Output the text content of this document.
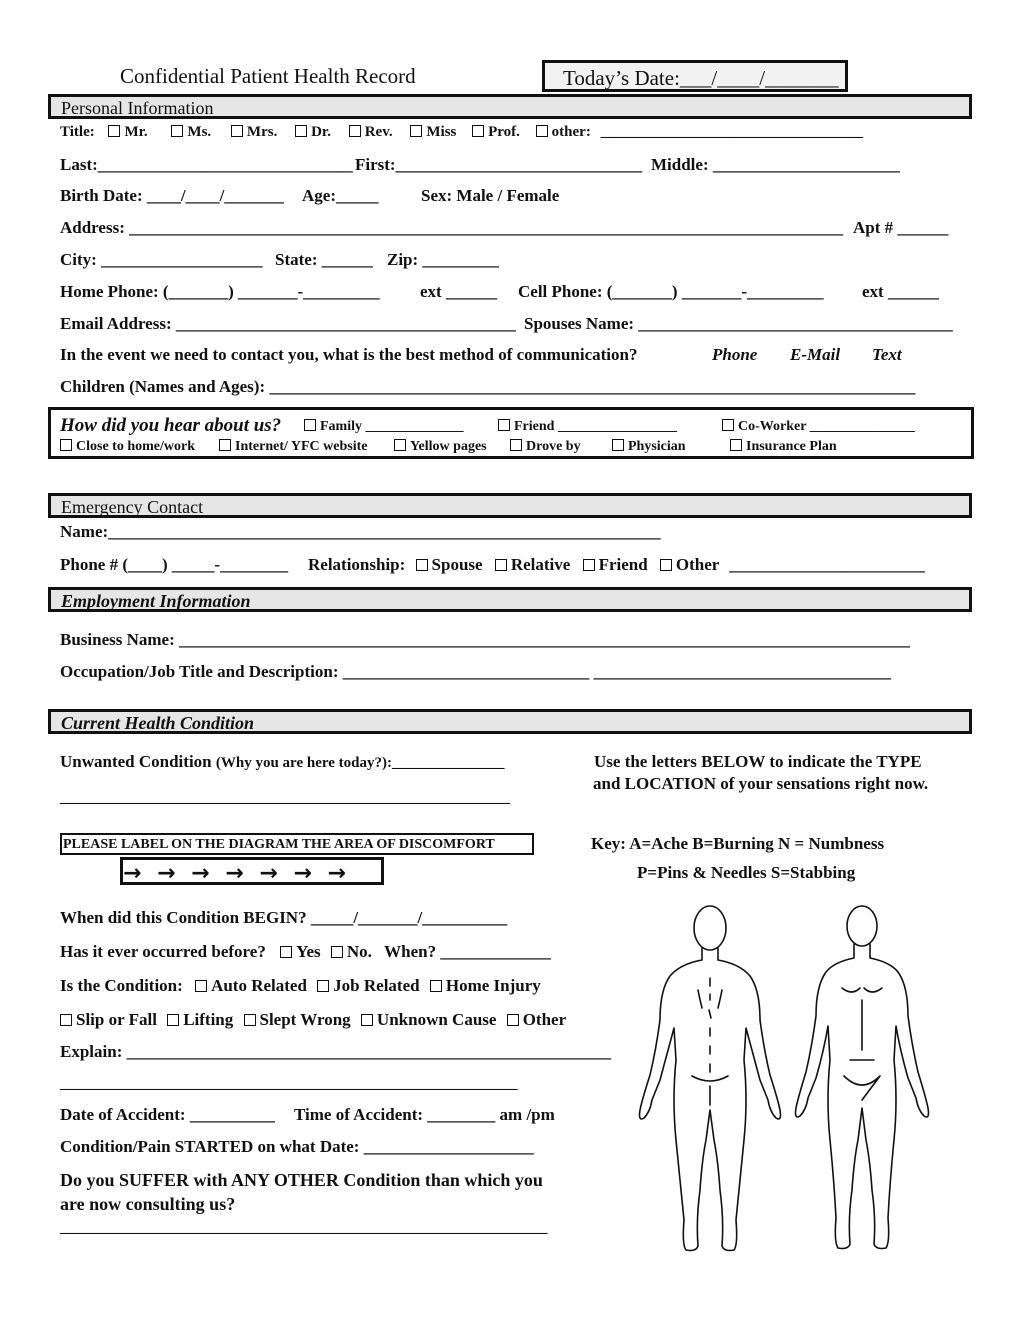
Confidential Patient Health Record	Today’s Date:___/____/_______
Personal Information
Title: Mr.	Ms. Mrs. Dr. Rev. Miss Prof. other: ___________________________________
Last:______________________________ First:_____________________________ Middle: ______________________
Birth Date: ____/____/_______ Age:_____	Sex: Male / Female
Address: ____________________________________________________________________________________ Apt # ______
City: ___________________ State: ______ Zip: _________
Home Phone: (_______) _______-_________ ext ______ Cell Phone: (_______) _______-_________ ext ______
Email Address: ________________________________________ Spouses Name: _____________________________________
In the event we need to contact you, what is the best method of communication?	Phone E-Mail Text
Children (Names and Ages): ____________________________________________________________________________
How did you hear about us?	Family ______________	Friend _________________	Co-Worker _______________
Close to home/work	Internet/ YFC website	Yellow pages	Drove by	Physician	Insurance Plan
Emergency Contact
Name:_________________________________________________________________
Phone # (____) _____-________ Relationship: Spouse Relative Friend Other _______________________
Employment Information
Business Name: ______________________________________________________________________________________
Occupation/Job Title and Description: _____________________________ ___________________________________
Current Health Condition
Unwanted Condition (Why you are here today?):_______________
____________________________________________________________
Use the letters BELOW to indicate the TYPE
and LOCATION of your sensations right now.
PLEASE LABEL ON THE DIAGRAM THE AREA OF DISCOMFORT
→ → → → → → →
Key: A=Ache B=Burning N = Numbness
P=Pins & Needles S=Stabbing
When did this Condition BEGIN? _____/_______/__________
Has it ever occurred before? Yes No. When? _____________
Is the Condition: Auto Related Job Related Home Injury
Slip or Fall Lifting Slept Wrong Unknown Cause Other
Explain: _________________________________________________________
_____________________________________________________________
Date of Accident: __________ Time of Accident: ________ am /pm
Condition/Pain STARTED on what Date: ____________________
Do you SUFFER with ANY OTHER Condition than which you
are now consulting us?
_________________________________________________________________
